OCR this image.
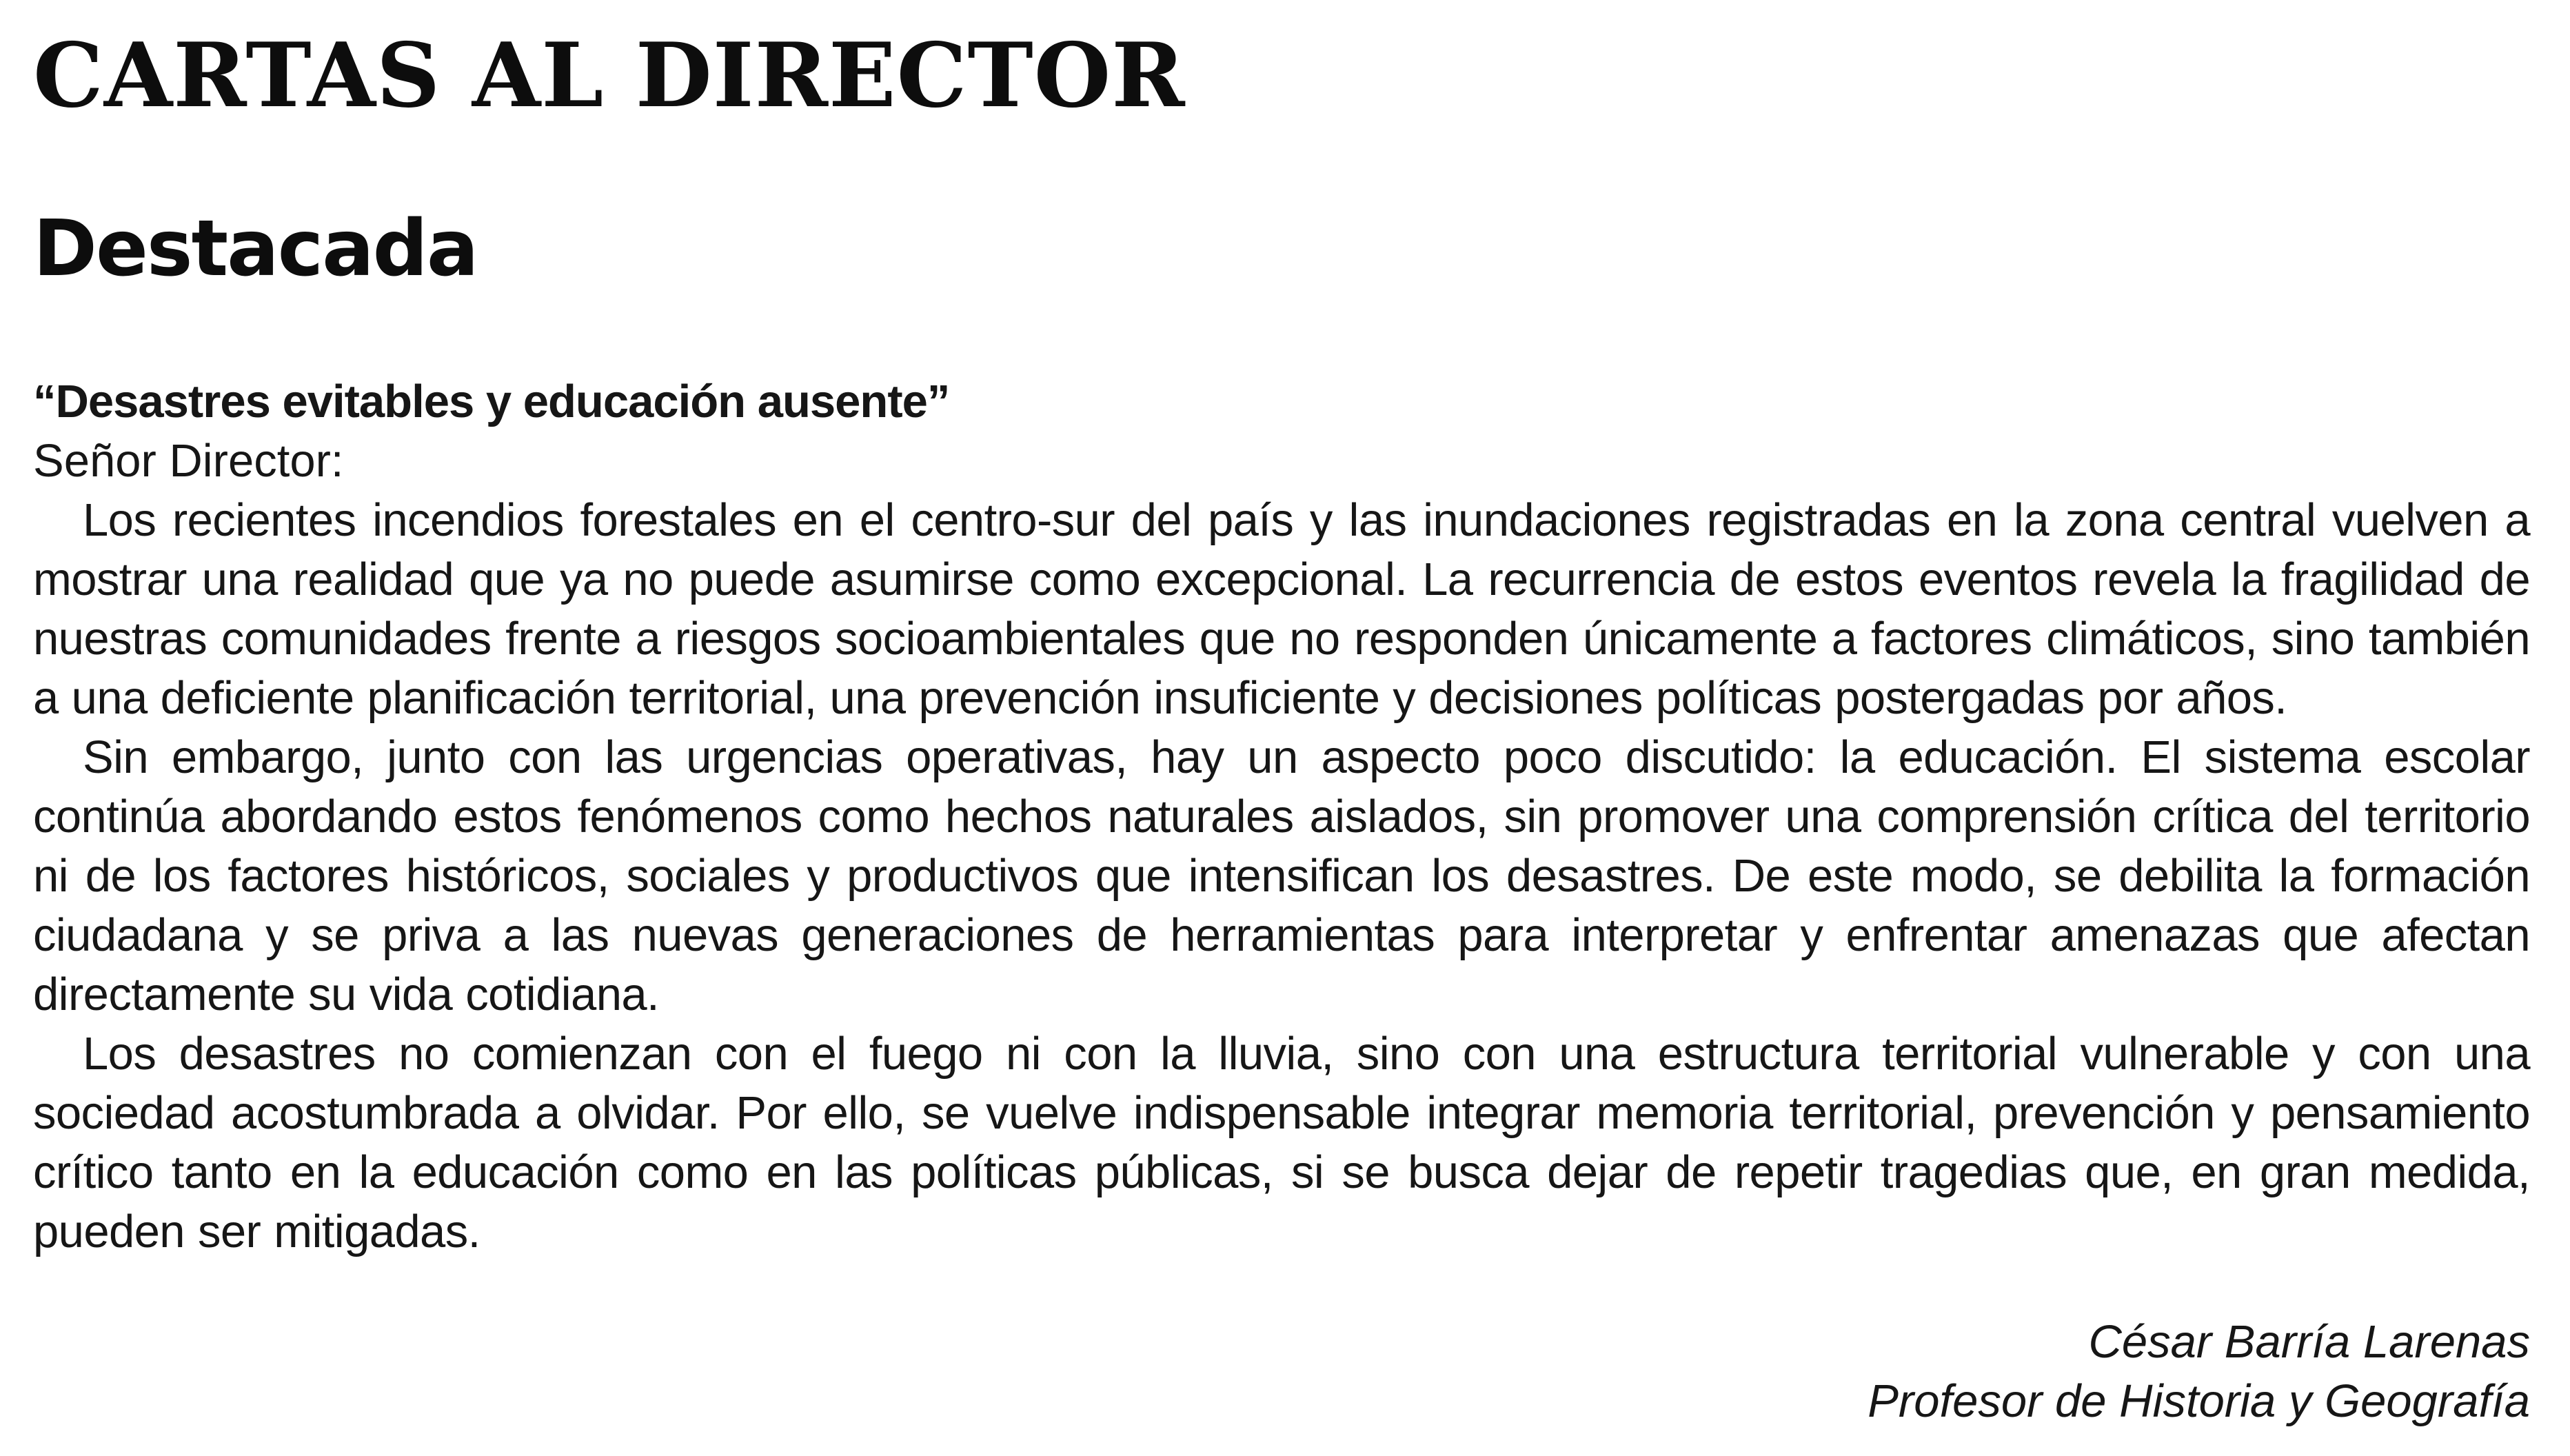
CARTAS AL DIRECTOR
Destacada
“Desastres evitables y educación ausente”

Señor Director:

Los recientes incendios forestales en el centro-sur del país y las inundaciones registradas en la zona central vuelven a mostrar una realidad que ya no puede asumirse como excepcional. La recurrencia de estos eventos revela la fragilidad de nuestras comunidades frente a riesgos socioambientales que no responden únicamente a factores climáticos, sino también a una deficiente planificación territorial, una prevención insuficiente y decisiones políticas postergadas por años.

Sin embargo, junto con las urgencias operativas, hay un aspecto poco discutido: la educación. El sistema escolar continúa abordando estos fenómenos como hechos naturales aislados, sin promover una comprensión crítica del territorio ni de los factores históricos, sociales y productivos que intensifican los desastres. De este modo, se debilita la formación ciudadana y se priva a las nuevas generaciones de herramientas para interpretar y enfrentar amenazas que afectan directamente su vida cotidiana.

Los desastres no comienzan con el fuego ni con la lluvia, sino con una estructura territorial vulnerable y con una sociedad acostumbrada a olvidar. Por ello, se vuelve indispensable integrar memoria territorial, prevención y pensamiento crítico tanto en la educación como en las políticas públicas, si se busca dejar de repetir tragedias que, en gran medida, pueden ser mitigadas.

César Barría Larenas
Profesor de Historia y Geografía
